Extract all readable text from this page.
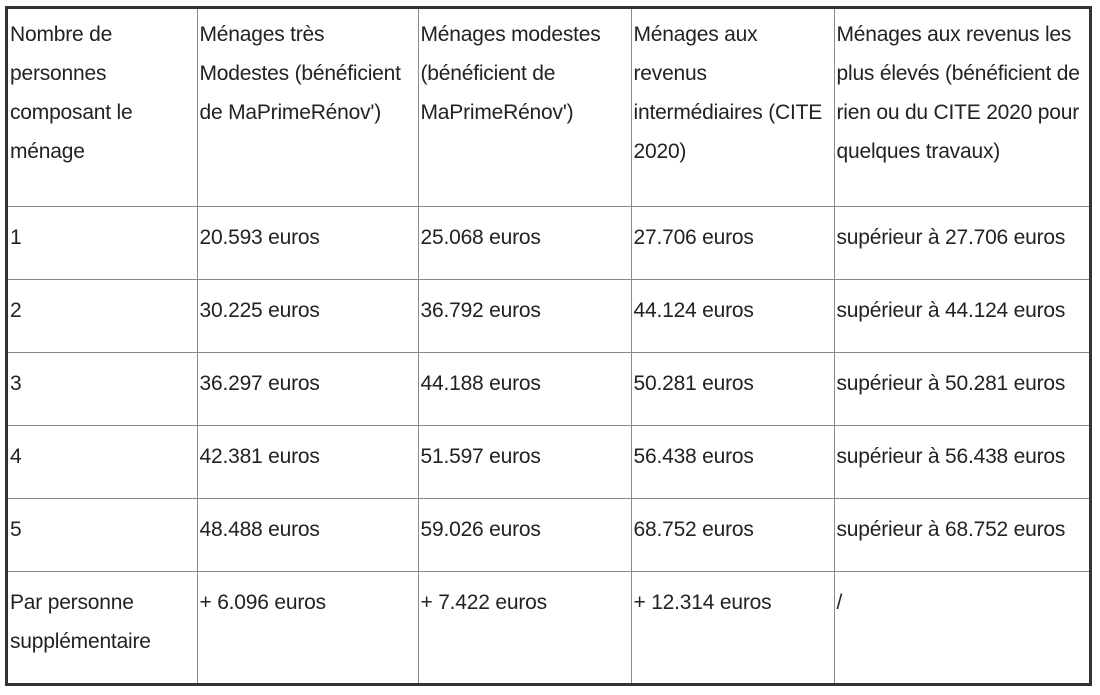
Nombre de personnes composant le ménage	Ménages très Modestes (bénéficient de MaPrimeRénov')	Ménages modestes (bénéficient de MaPrimeRénov')	Ménages aux revenus intermédiaires (CITE 2020)	Ménages aux revenus les plus élevés (bénéficient de rien ou du CITE 2020 pour quelques travaux)
1	20.593 euros	25.068 euros	27.706 euros	supérieur à 27.706 euros
2	30.225 euros	36.792 euros	44.124 euros	supérieur à 44.124 euros
3	36.297 euros	44.188 euros	50.281 euros	supérieur à 50.281 euros
4	42.381 euros	51.597 euros	56.438 euros	supérieur à 56.438 euros
5	48.488 euros	59.026 euros	68.752 euros	supérieur à 68.752 euros
Par personne supplémentaire	+ 6.096 euros	+ 7.422 euros	+ 12.314 euros	/
